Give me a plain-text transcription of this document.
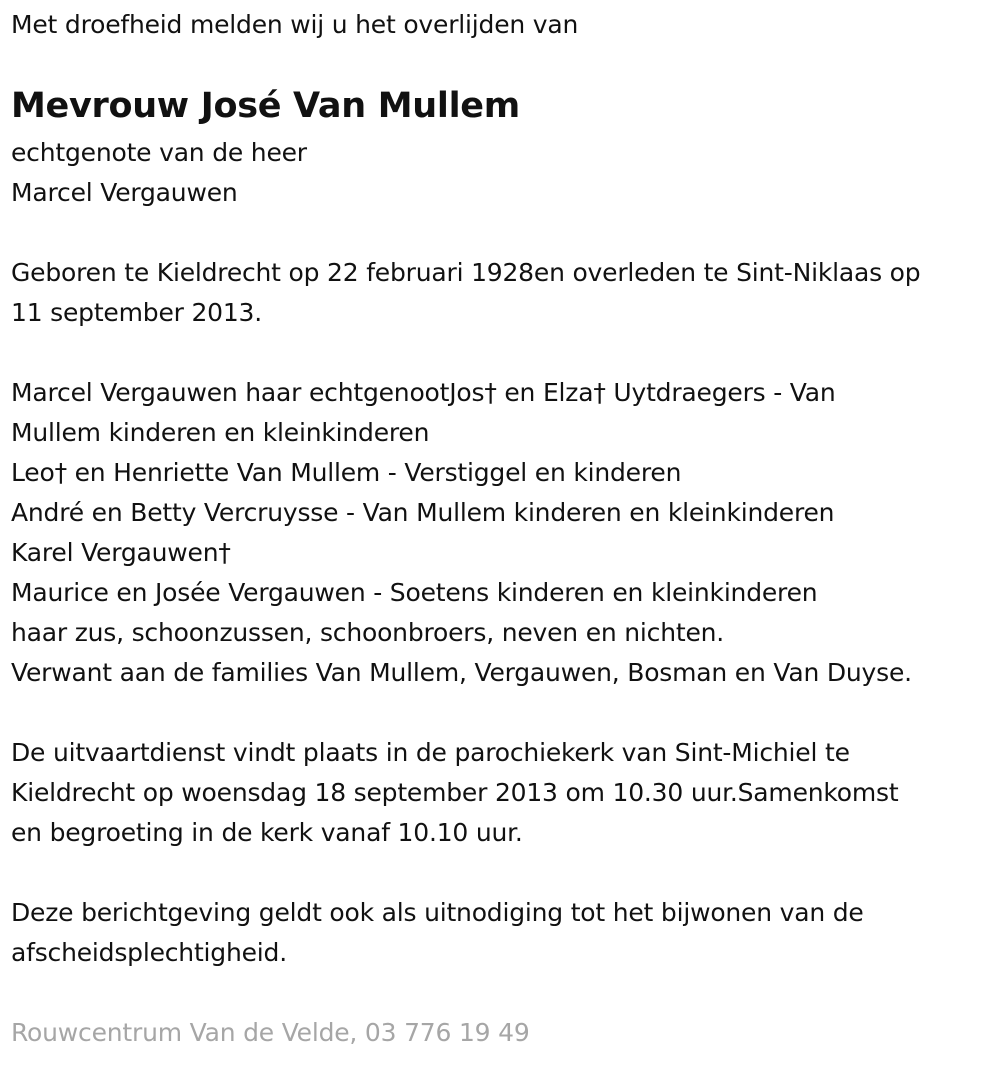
Met droefheid melden wij u het overlijden van
Mevrouw José Van Mullem
echtgenote van de heer
Marcel Vergauwen
Geboren te Kieldrecht op 22 februari 1928en overleden te Sint-Niklaas op
11 september 2013.
Marcel Vergauwen haar echtgenootJos† en Elza† Uytdraegers - Van
Mullem kinderen en kleinkinderen
Leo† en Henriette Van Mullem - Verstiggel en kinderen
André en Betty Vercruysse - Van Mullem kinderen en kleinkinderen
Karel Vergauwen†
Maurice en Josée Vergauwen - Soetens kinderen en kleinkinderen
haar zus, schoonzussen, schoonbroers, neven en nichten.
Verwant aan de families Van Mullem, Vergauwen, Bosman en Van Duyse.
De uitvaartdienst vindt plaats in de parochiekerk van Sint-Michiel te
Kieldrecht op woensdag 18 september 2013 om 10.30 uur.Samenkomst
en begroeting in de kerk vanaf 10.10 uur.
Deze berichtgeving geldt ook als uitnodiging tot het bijwonen van de
afscheidsplechtigheid.
Rouwcentrum Van de Velde, 03 776 19 49
